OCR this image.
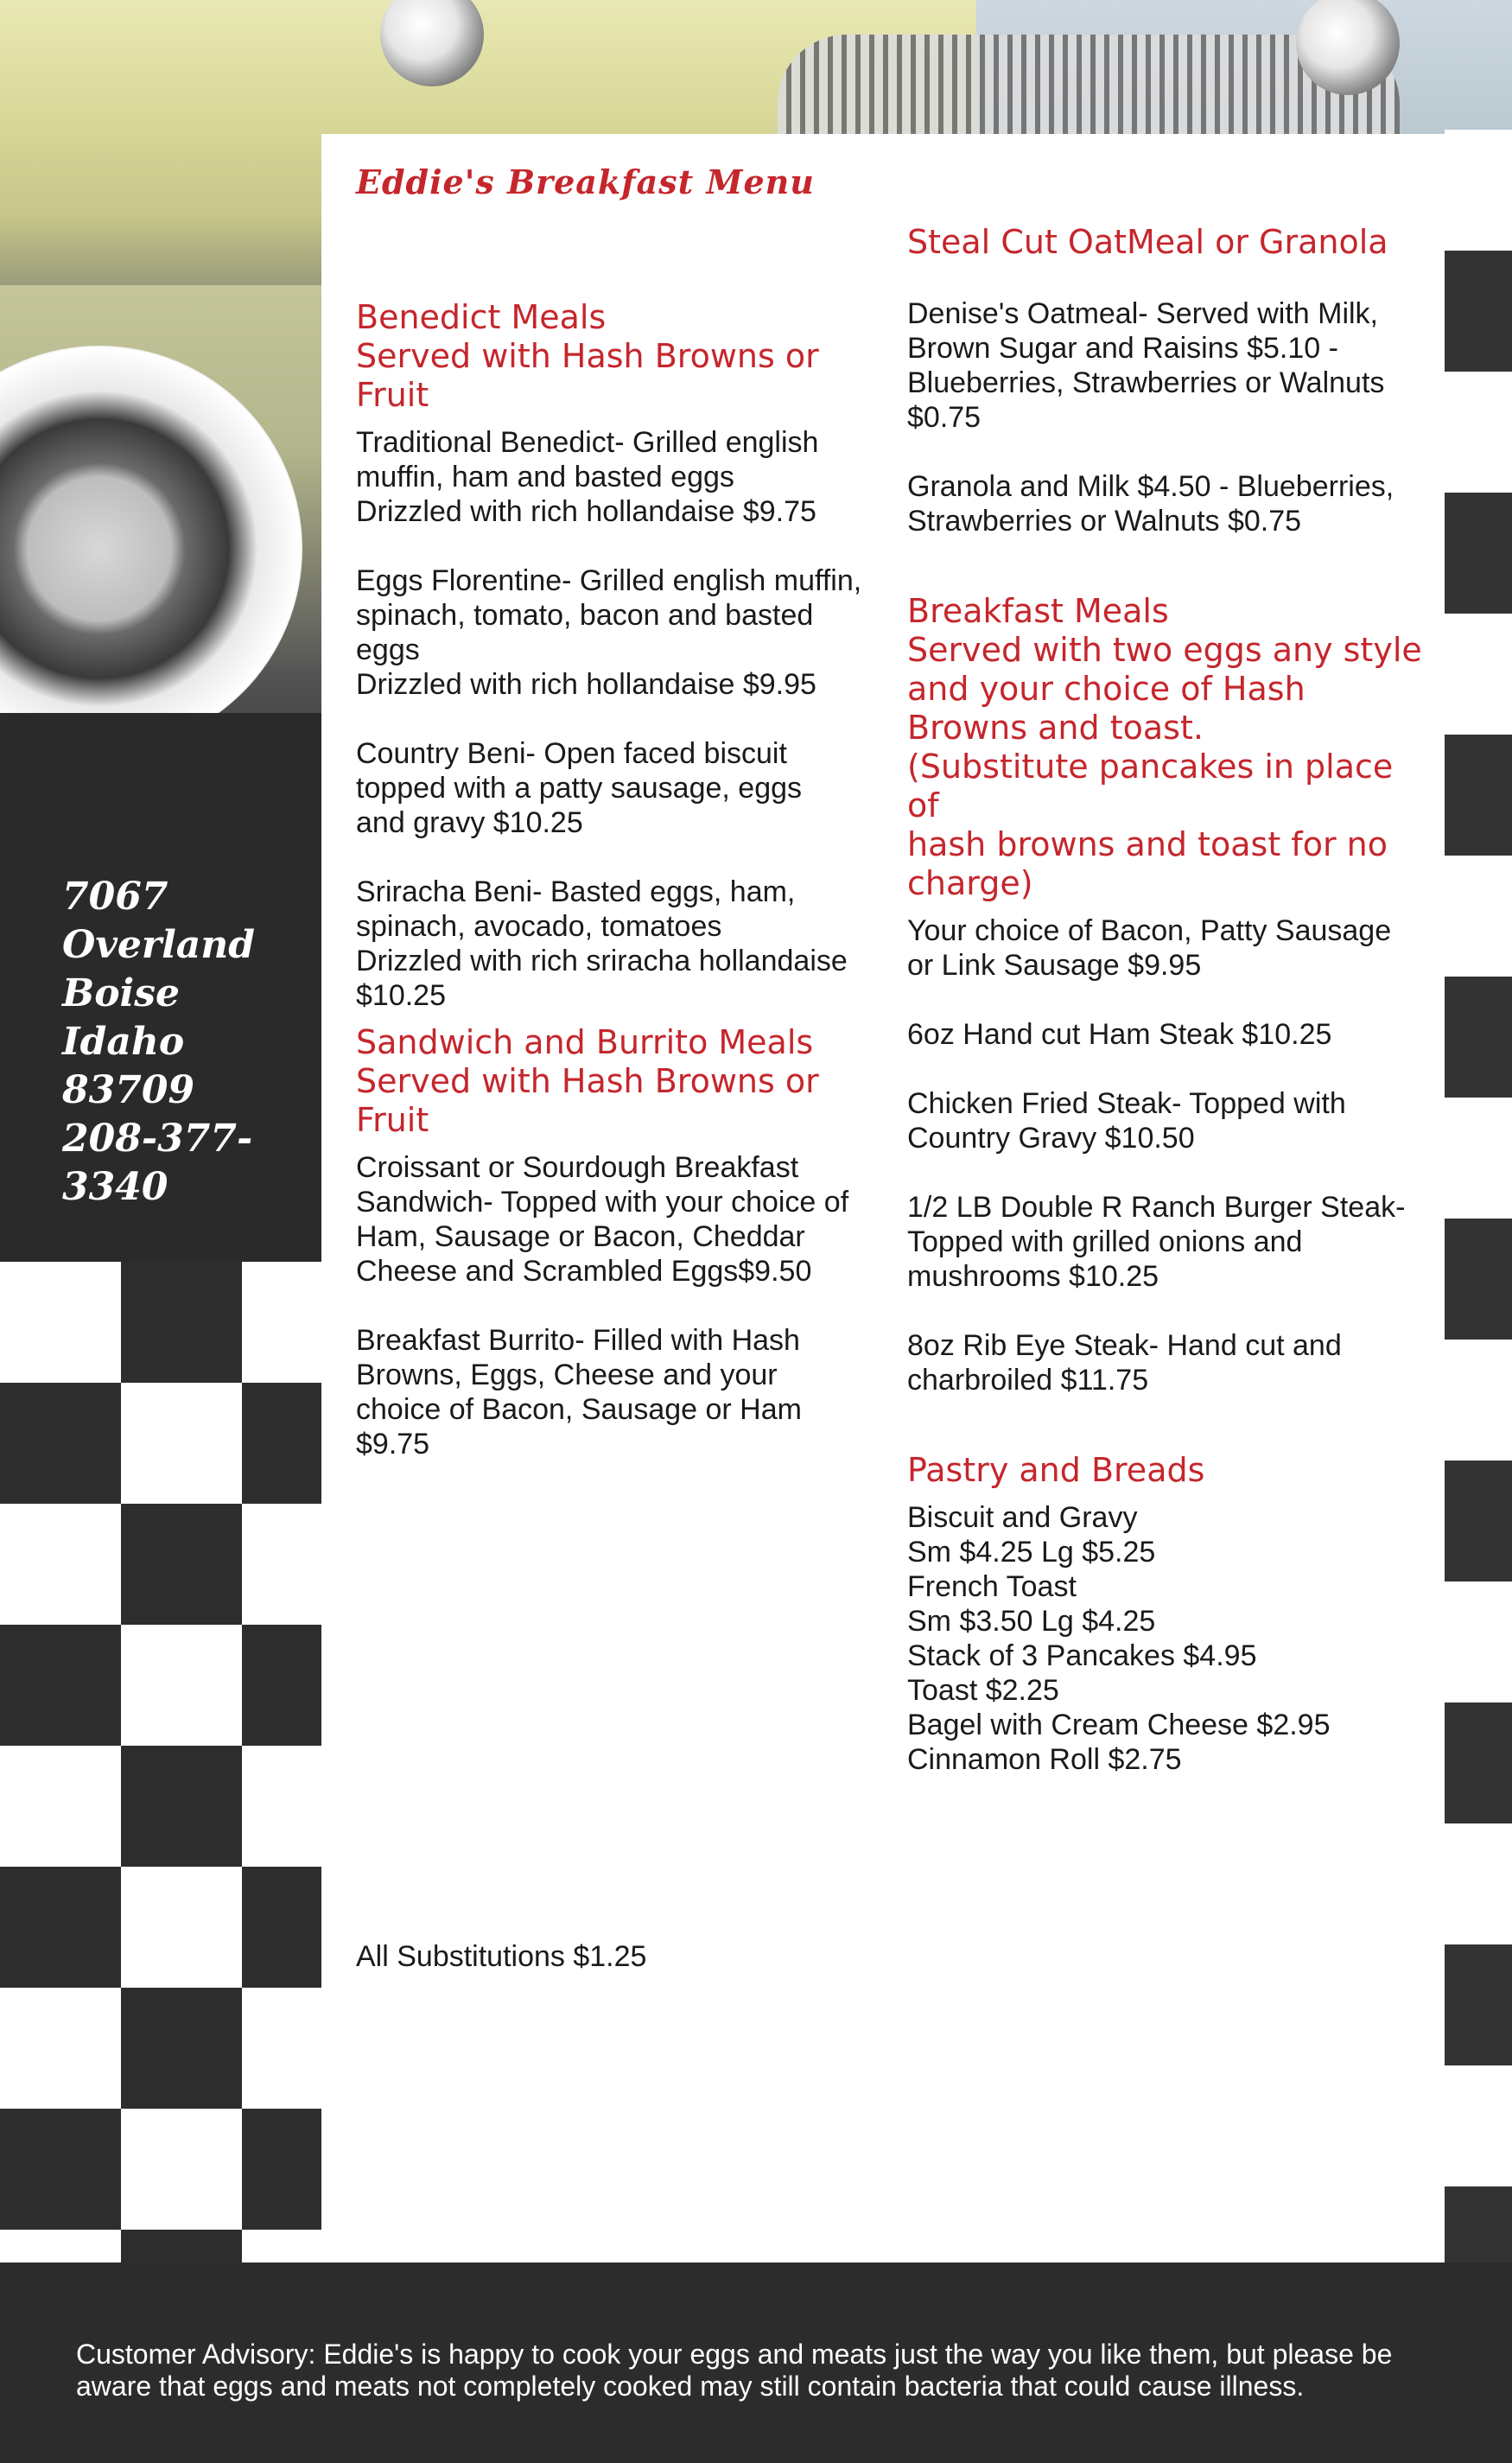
Eddie's Breakfast Menu
7067
Overland
Boise Idaho
83709
208-377-
3340

Benedict Meals

Served with Hash Browns or

Fruit

Traditional Benedict- Grilled english
muffin, ham and basted eggs
Drizzled with rich hollandaise $9.75

Eggs Florentine- Grilled english muffin,
spinach, tomato, bacon and basted
eggs
Drizzled with rich hollandaise $9.95

Country Beni- Open faced biscuit
topped with a patty sausage, eggs
and gravy $10.25

Sriracha Beni- Basted eggs, ham,
spinach, avocado, tomatoes
Drizzled with rich sriracha hollandaise
$10.25

Sandwich and Burrito Meals

Served with Hash Browns or

Fruit

Croissant or Sourdough Breakfast
Sandwich- Topped with your choice of
Ham, Sausage or Bacon, Cheddar
Cheese and Scrambled Eggs$9.50

Breakfast Burrito- Filled with Hash
Browns, Eggs, Cheese and your
choice of Bacon, Sausage or Ham
$9.75

Steal Cut OatMeal or Granola

Denise's Oatmeal- Served with Milk,
Brown Sugar and Raisins $5.10 -
Blueberries, Strawberries or Walnuts
$0.75

Granola and Milk $4.50 - Blueberries,
Strawberries or Walnuts $0.75

Breakfast Meals

Served with two eggs any style

and your choice of Hash

Browns and toast.

(Substitute pancakes in place of

hash browns and toast for no

charge)

Your choice of Bacon, Patty Sausage
or Link Sausage $9.95

6oz Hand cut Ham Steak $10.25

Chicken Fried Steak- Topped with
Country Gravy $10.50

1/2 LB Double R Ranch Burger Steak-
Topped with grilled onions and
mushrooms $10.25

8oz Rib Eye Steak- Hand cut and
charbroiled $11.75

Pastry and Breads

Biscuit and Gravy
Sm $4.25 Lg $5.25
French Toast
Sm $3.50 Lg $4.25
Stack of 3 Pancakes $4.95
Toast $2.25
Bagel with Cream Cheese $2.95
Cinnamon Roll $2.75

All Substitutions $1.25
Customer Advisory: Eddie's is happy to cook your eggs and meats just the way you like them, but please be aware that eggs and meats not completely cooked may still contain bacteria that could cause illness.
